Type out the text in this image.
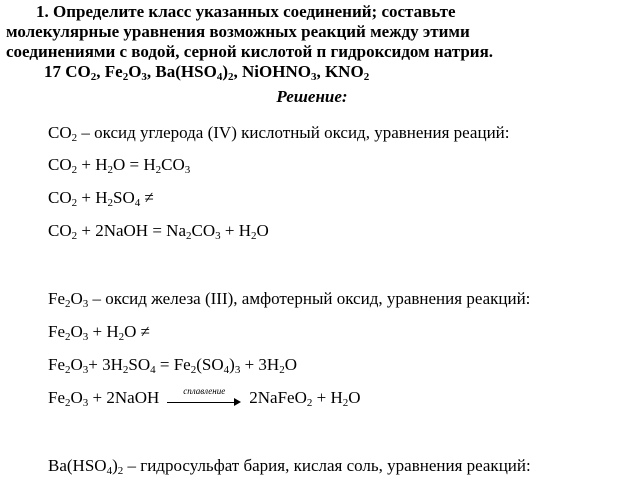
1. Определите класс указанных соединений; составьте
молекулярные уравнения возможных реакций между этими
соединениями с водой, серной кислотой п гидроксидом натрия.
17 $CO_2$, $Fe_2O_3$, $Ba(HSO_4)_2$, NiOHNO$_3$, $KNO_2$
Решение:
$CO_2$ – оксид углерода (IV) кислотный оксид, уравнения реаций:
$CO_2 + H_2O = H_2CO_3$
$CO_2 + H_2SO_4$ ≠
$CO_2$ + 2NaOH = $Na_2CO_3 + H_2O$
$Fe_2O_3$ – оксид железа (III), амфотерный оксид, уравнения реакций:
$Fe_2O_3 + H_2O$ ≠
$Fe_2O_3+ 3H_2SO_4 = Fe_2(SO_4)_3 + 3H_2O$
$Fe_2O_3$ + 2NaOH	сплавление	2NaFeO$_2$ + $H_2O$
$Ba(HSO_4)_2$ – гидросульфат бария, кислая соль, уравнения реакций:
